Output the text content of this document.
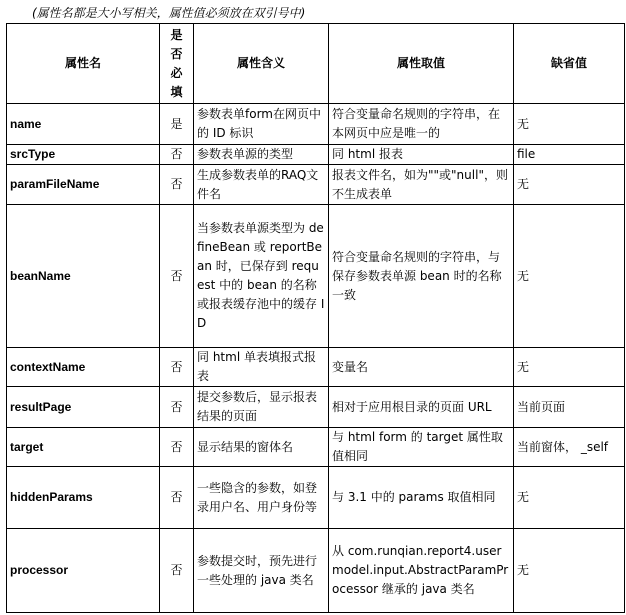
(属性名都是大小写相关，属性值必须放在双引号中)
属性名	是否必填	属性含义	属性取值	缺省值
name	是	参数表单form在网页中的 ID 标识	符合变量命名规则的字符串，在本网页中应是唯一的	无
srcType	否	参数表单源的类型	同 html 报表	file
paramFileName	否	生成参数表单的RAQ文件名	报表文件名，如为""或"null"，则不生成表单	无
beanName	否	当参数表单源类型为 defineBean 或 reportBean 时，已保存到 request 中的 bean 的名称或报表缓存池中的缓存 ID	符合变量命名规则的字符串，与保存参数表单源 bean 时的名称一致	无
contextName	否	同 html 单表填报式报表	变量名	无
resultPage	否	提交参数后，显示报表结果的页面	相对于应用根目录的页面 URL	当前页面
target	否	显示结果的窗体名	与 html form 的 target 属性取值相同	当前窗体， _self
hiddenParams	否	一些隐含的参数，如登录用户名、用户身份等	与 3.1 中的 params 取值相同	无
processor	否	参数提交时，预先进行一些处理的 java 类名	从 com.runqian.report4.usermodel.input.AbstractParamProcessor 继承的 java 类名	无
